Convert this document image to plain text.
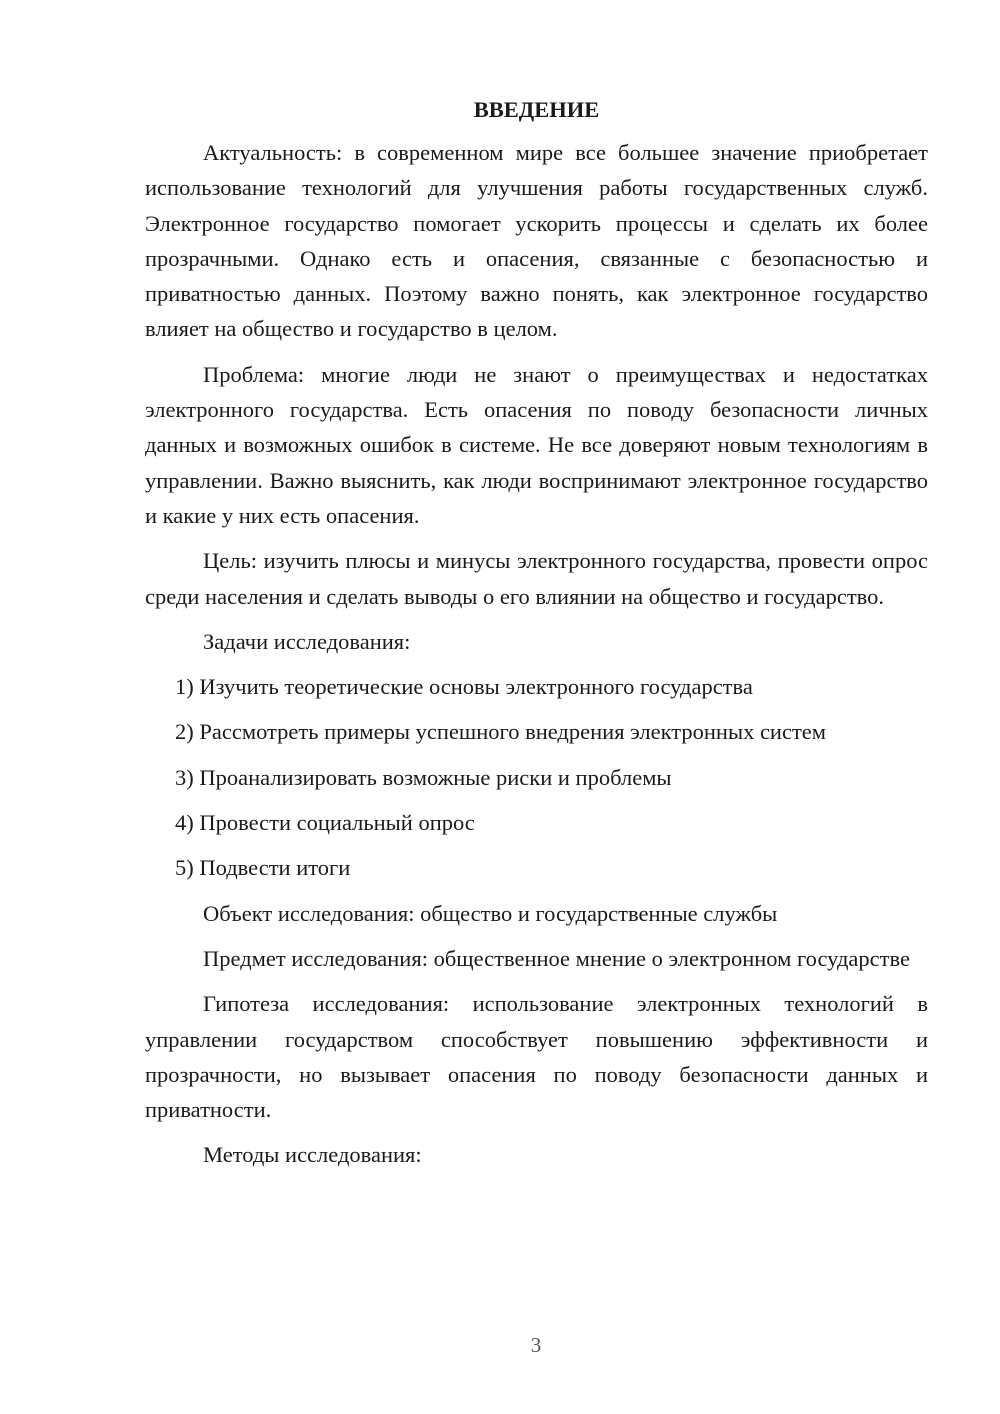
ВВЕДЕНИЕ

Актуальность: в современном мире все большее значение приобретает использование технологий для улучшения работы государственных служб. Электронное государство помогает ускорить процессы и сделать их более прозрачными. Однако есть и опасения, связанные с безопасностью и приватностью данных. Поэтому важно понять, как электронное государство влияет на общество и государство в целом.

Проблема: многие люди не знают о преимуществах и недостатках электронного государства. Есть опасения по поводу безопасности личных данных и возможных ошибок в системе. Не все доверяют новым технологиям в управлении. Важно выяснить, как люди воспринимают электронное государство и какие у них есть опасения.

Цель: изучить плюсы и минусы электронного государства, провести опрос среди населения и сделать выводы о его влиянии на общество и государство.

Задачи исследования:

1) Изучить теоретические основы электронного государства

2) Рассмотреть примеры успешного внедрения электронных систем

3) Проанализировать возможные риски и проблемы

4) Провести социальный опрос

5) Подвести итоги

Объект исследования: общество и государственные службы

Предмет исследования: общественное мнение о электронном государстве

Гипотеза исследования: использование электронных технологий в управлении государством способствует повышению эффективности и прозрачности, но вызывает опасения по поводу безопасности данных и приватности.

Методы исследования:

3
